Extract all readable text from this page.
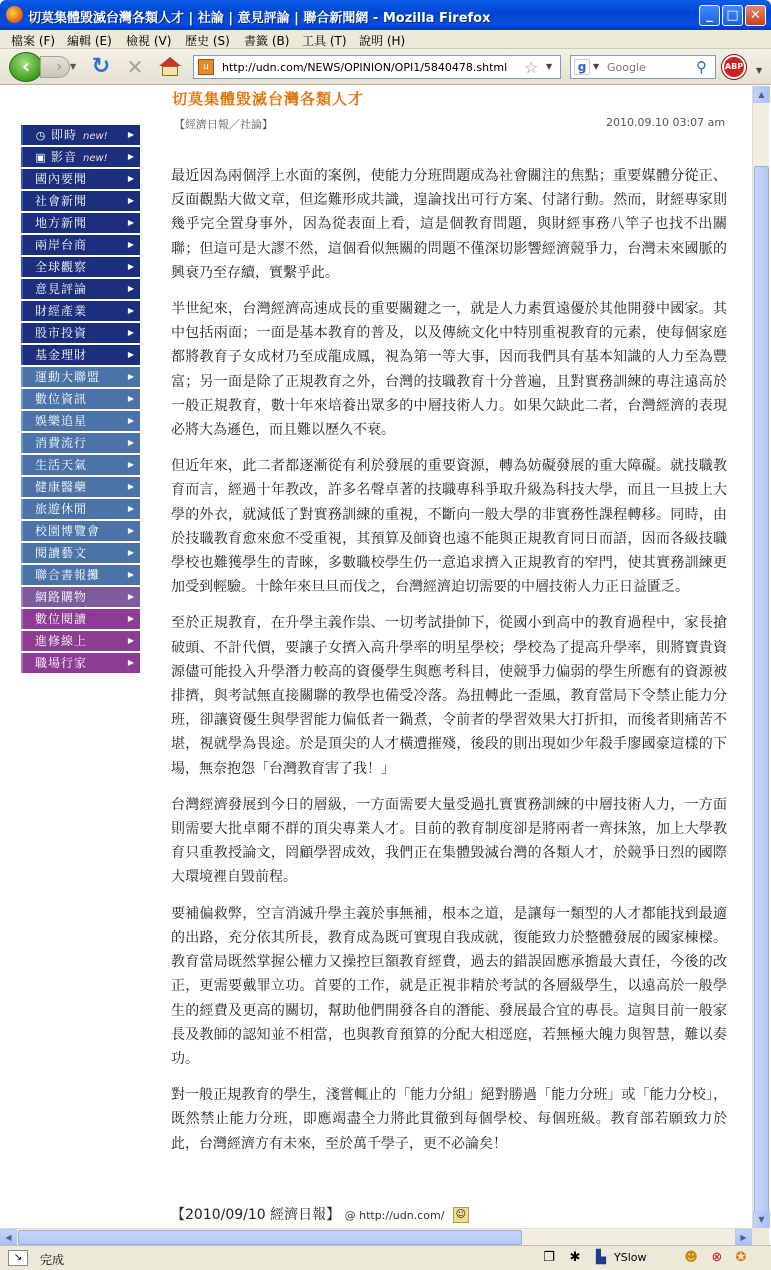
切莫集體毀滅台灣各類人才 | 社論 | 意見評論 | 聯合新聞網 - Mozilla Firefox	_	□ ✕
檔案 (F) 編輯 (E) 檢視 (V) 歷史 (S) 書籤 (B) 工具 (T) 說明 (H)
‹	›	▼ ↻ ✕	u
http://udn.com/NEWS/OPINION/OPI1/5840478.shtml	☆ ▼	g ▼
Google	⚲	ABP	▼
◷ 即時 new!	▶
▣ 影音 new!	▶
國內要聞	▶
社會新聞	▶
地方新聞	▶
兩岸台商	▶
全球觀察	▶
意見評論	▶
財經產業	▶
股市投資	▶
基金理財	▶
運動大聯盟	▶
數位資訊	▶
娛樂追星	▶
消費流行	▶
生活天氣	▶
健康醫藥	▶
旅遊休閒	▶
校園博覽會	▶
閱讀藝文	▶
聯合書報攤	▶
網路購物	▶
數位閱讀	▶
進修線上	▶
職場行家	▶
切莫集體毀滅台灣各類人才
【經濟日報／社論】	2010.09.10 03:07 am

最近因為兩個浮上水面的案例，使能力分班問題成為社會關注的焦點；重要媒體分從正、反面觀點大做文章，但迄難形成共識，遑論找出可行方案、付諸行動。然而，財經專家則幾乎完全置身事外，因為從表面上看，這是個教育問題，與財經事務八竿子也找不出關聯；但這可是大謬不然，這個看似無關的問題不僅深切影響經濟競爭力，台灣未來國脈的興衰乃至存續，實繫乎此。

半世紀來，台灣經濟高速成長的重要關鍵之一，就是人力素質遠優於其他開發中國家。其中包括兩面；一面是基本教育的普及，以及傳統文化中特別重視教育的元素，使每個家庭都將教育子女成材乃至成龍成鳳，視為第一等大事，因而我們具有基本知識的人力至為豐富；另一面是除了正規教育之外，台灣的技職教育十分普遍，且對實務訓練的專注遠高於一般正規教育，數十年來培養出眾多的中層技術人力。如果欠缺此二者，台灣經濟的表現必將大為遜色，而且難以歷久不衰。

但近年來，此二者都逐漸從有利於發展的重要資源，轉為妨礙發展的重大障礙。就技職教育而言，經過十年教改，許多名聲卓著的技職專科爭取升級為科技大學，而且一旦披上大學的外衣，就減低了對實務訓練的重視，不斷向一般大學的非實務性課程轉移。同時，由於技職教育愈來愈不受重視，其預算及師資也遠不能與正規教育同日而語，因而各級技職學校也難獲學生的青睞，多數職校學生仍一意追求擠入正規教育的窄門，使其實務訓練更加受到輕驗。十餘年來旦旦而伐之，台灣經濟迫切需要的中層技術人力正日益匱乏。

至於正規教育，在升學主義作祟、一切考試掛帥下，從國小到高中的教育過程中，家長搶破頭、不計代價，要讓子女擠入高升學率的明星學校；學校為了提高升學率，則將寶貴資源儘可能投入升學潛力較高的資優學生與應考科目，使競爭力偏弱的學生所應有的資源被排擠，與考試無直接關聯的教學也備受冷落。為扭轉此一歪風，教育當局下令禁止能力分班，卻讓資優生與學習能力偏低者一鍋煮，令前者的學習效果大打折扣，而後者則痛苦不堪，視就學為畏途。於是頂尖的人才橫遭摧殘，後段的則出現如少年殺手廖國豪這樣的下場，無奈抱怨「台灣教育害了我！」

台灣經濟發展到今日的層級，一方面需要大量受過扎實實務訓練的中層技術人力，一方面則需要大批卓爾不群的頂尖專業人才。目前的教育制度卻是將兩者一齊抹煞，加上大學教育只重教授論文，罔顧學習成效，我們正在集體毀滅台灣的各類人才，於競爭日烈的國際大環境裡自毀前程。

要補偏救弊，空言消滅升學主義於事無補，根本之道，是讓每一類型的人才都能找到最適的出路，充分依其所長，教育成為既可實現自我成就，復能致力於整體發展的國家棟樑。教育當局既然掌握公權力又操控巨額教育經費，過去的錯誤固應承擔最大責任，今後的改正，更需要戴罪立功。首要的工作，就是正視非精於考試的各層級學生，以遠高於一般學生的經費及更高的關切，幫助他們開發各自的潛能、發展最合宜的專長。這與目前一般家長及教師的認知並不相當，也與教育預算的分配大相逕庭，若無極大魄力與智慧，難以奏功。

對一般正規教育的學生，淺嘗輒止的「能力分組」絕對勝過「能力分班」或「能力分校」，既然禁止能力分班，即應竭盡全力將此貫徹到每個學校、每個班級。教育部若願致力於此，台灣經濟方有未來，至於萬千學子，更不必論矣！

【2010/09/10 經濟日報】 @ http://udn.com/ ☺
▲
▼
◀	▶
↘	完成	❐ ✱	▙ YSlow	☻ ⊗ ✪
